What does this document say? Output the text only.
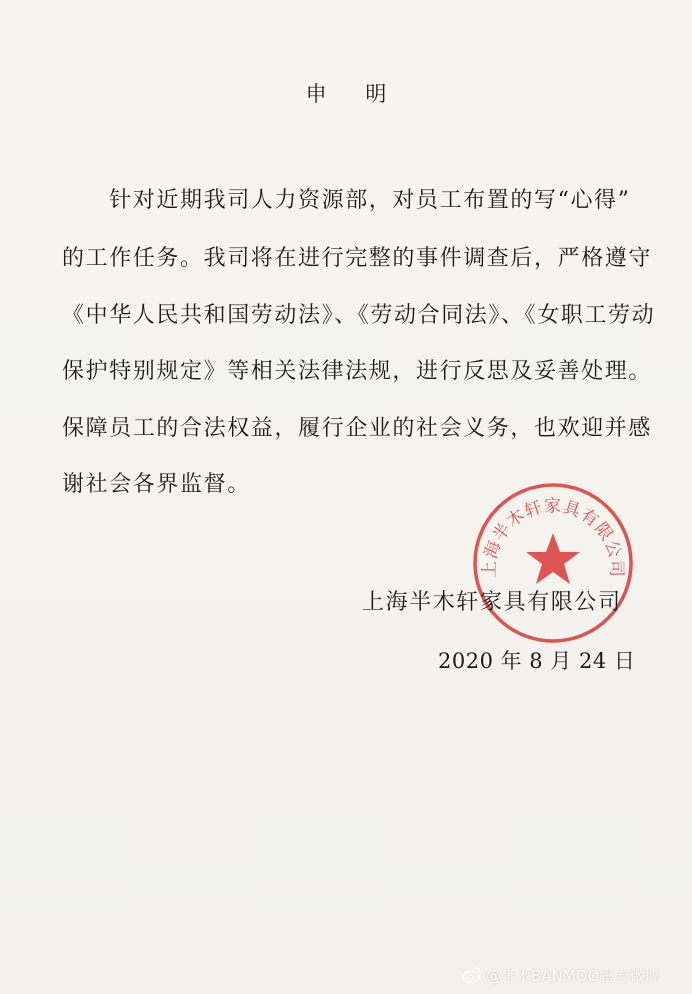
申 明
　　针对近期我司人力资源部，对员工布置的写“心得”
的工作任务。我司将在进行完整的事件调查后，严格遵守
《中华人民共和国劳动法》、《劳动合同法》、《女职工劳动
保护特别规定》等相关法律法规，进行反思及妥善处理。
保障员工的合法权益，履行企业的社会义务，也欢迎并感
谢社会各界监督。
上海半木轩家具有限公司
上海半木轩家具有限公司
2020 年 8 月 24 日
@半木BANMOO官方微博
